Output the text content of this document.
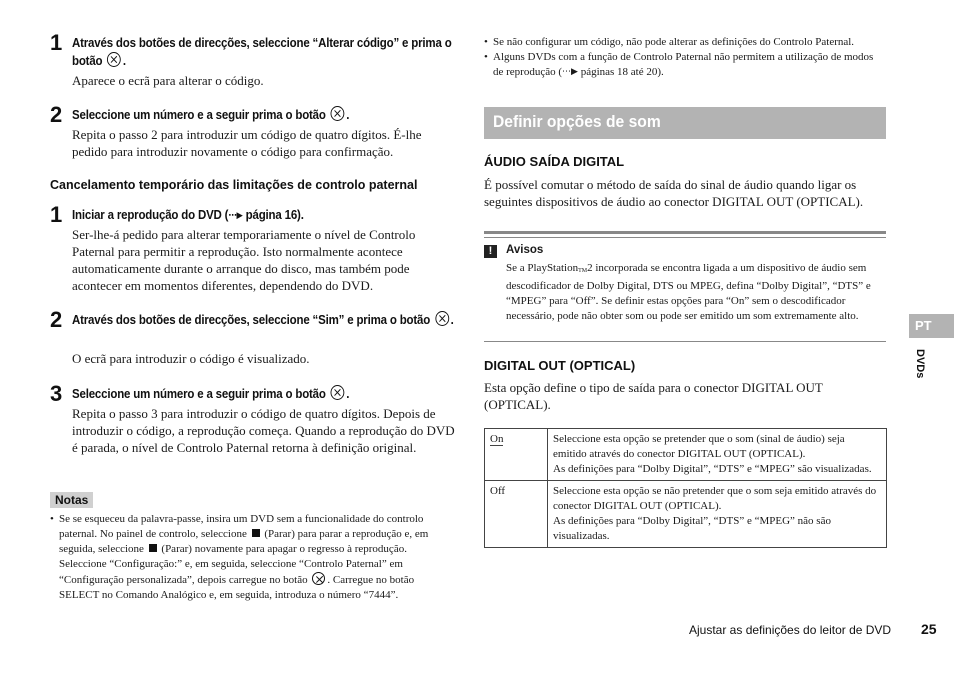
1 Através dos botões de direcções, seleccione “Alterar código” e prima o botão .
Aparece o ecrã para alterar o código.
2 Seleccione um número e a seguir prima o botão .
Repita o passo 2 para introduzir um código de quatro dígitos. É-lhe pedido para introduzir novamente o código para confirmação.
Cancelamento temporário das limitações de controlo paternal
1 Iniciar a reprodução do DVD (⋯▶ página 16).
Ser-lhe-á pedido para alterar temporariamente o nível de Controlo Paternal para permitir a reprodução. Isto normalmente acontece automaticamente durante o arranque do disco, mas também pode acontecer em momentos diferentes, dependendo do DVD.
2 Através dos botões de direcções, seleccione “Sim” e prima o botão .
O ecrã para introduzir o código é visualizado.
3 Seleccione um número e a seguir prima o botão .
Repita o passo 3 para introduzir o código de quatro dígitos. Depois de introduzir o código, a reprodução começa. Quando a reprodução do DVD é parada, o nível de Controlo Paternal retorna à definição original.
Notas
• Se se esqueceu da palavra-passe, insira um DVD sem a funcionalidade do controlo paternal. No painel de controlo, seleccione (Parar) para parar a reprodução e, em seguida, seleccione (Parar) novamente para apagar o regresso à reprodução. Seleccione “Configuração:” e, em seguida, seleccione “Controlo Paternal” em “Configuração personalizada”, depois carregue no botão . Carregue no botão SELECT no Comando Analógico e, em seguida, introduza o número “7444”.
• Se não configurar um código, não pode alterar as definições do Controlo Paternal.
• Alguns DVDs com a função de Controlo Paternal não permitem a utilização de modos de reprodução (⋯▶ páginas 18 até 20).
Definir opções de som
ÁUDIO SAÍDA DIGITAL
É possível comutar o método de saída do sinal de áudio quando ligar os seguintes dispositivos de áudio ao conector DIGITAL OUT (OPTICAL).
!	Avisos
Se a PlayStation$_{TM}$2 incorporada se encontra ligada a um dispositivo de áudio sem descodificador de Dolby Digital, DTS ou MPEG, defina “Dolby Digital”, “DTS” e “MPEG” para “Off”. Se definir estas opções para “On” sem o descodificador necessário, pode não obter som ou pode ser emitido um som extremamente alto.
DIGITAL OUT (OPTICAL)
Esta opção define o tipo de saída para o conector DIGITAL OUT (OPTICAL).
On	Seleccione esta opção se pretender que o som (sinal de áudio) seja emitido através do conector DIGITAL OUT (OPTICAL).
As definições para “Dolby Digital”, “DTS” e “MPEG” são visualizadas.

Off	Seleccione esta opção se não pretender que o som seja emitido através do conector DIGITAL OUT (OPTICAL).
As definições para “Dolby Digital”, “DTS” e “MPEG” não são visualizadas.
PT
DVDs
Ajustar as definições do leitor de DVD 25
